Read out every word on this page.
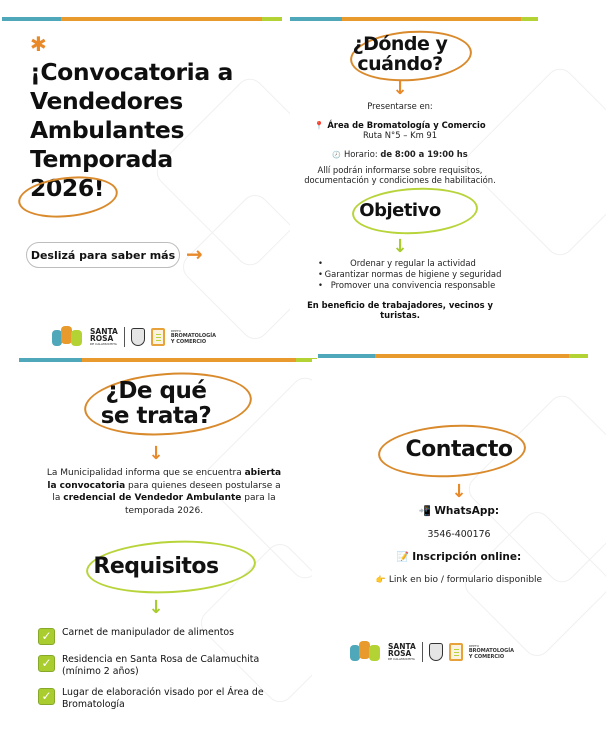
✱
¡Convocatoria a
Vendedores
Ambulantes
Temporada
2026!
Deslizá para saber más →
SANTA
ROSA
DE CALAMUCHITA
DEPTO
BROMATOLOGÍA
Y COMERCIO
¿Dónde y
cuándo?
↓
Presentarse en:
📍 Área de Bromatología y Comercio
Ruta N°5 – Km 91
🕗 Horario: de 8:00 a 19:00 hs
Allí podrán informarse sobre requisitos,
documentación y condiciones de habilitación.
Objetivo
↓
• Ordenar y regular la actividad
• Garantizar normas de higiene y seguridad
• Promover una convivencia responsable
En beneficio de trabajadores, vecinos y
turistas.
¿De qué
se trata?
↓

La Municipalidad informa que se encuentra abierta la convocatoria para quienes deseen postularse a la credencial de Vendedor Ambulante para la temporada 2026.

Requisitos
↓
✓	Carnet de manipulador de alimentos
✓	Residencia en Santa Rosa de Calamuchita
(mínimo 2 años)
✓	Lugar de elaboración visado por el Área de
Bromatología
Contacto
↓
📲 WhatsApp:
3546-400176
📝 Inscripción online:
👉 Link en bio / formulario disponible
SANTA
ROSA
DE CALAMUCHITA
DEPTO
BROMATOLOGÍA
Y COMERCIO
